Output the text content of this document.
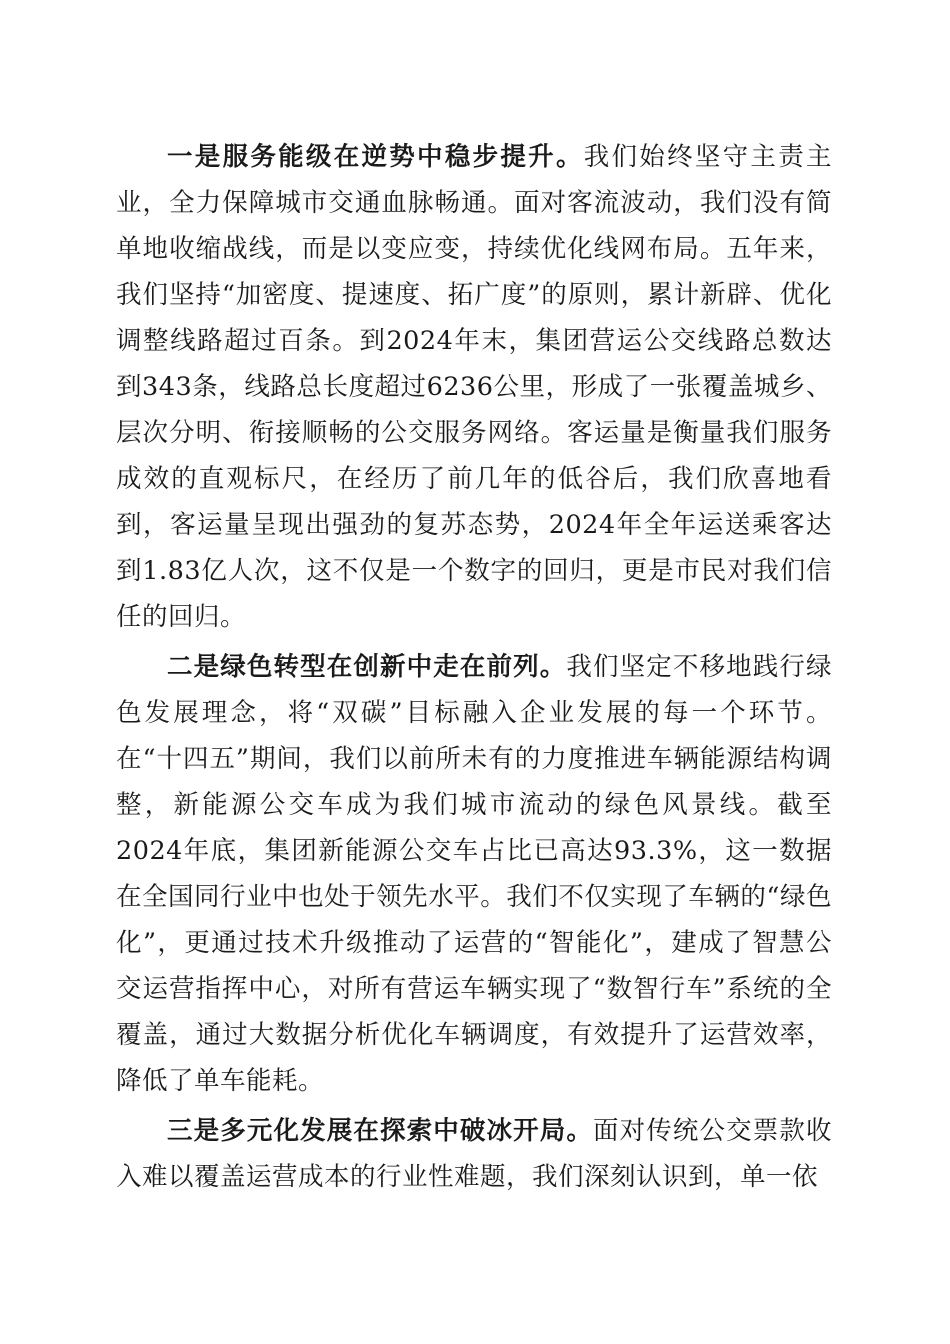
一是服务能级在逆势中稳步提升。我们始终坚守主责主业，全力保障城市交通血脉畅通。面对客流波动，我们没有简单地收缩战线，而是以变应变，持续优化线网布局。五年来，我们坚持“加密度、提速度、拓广度”的原则，累计新辟、优化调整线路超过百条。到2024年末，集团营运公交线路总数达到343条，线路总长度超过6236公里，形成了一张覆盖城乡、层次分明、衔接顺畅的公交服务网络。客运量是衡量我们服务成效的直观标尺，在经历了前几年的低谷后，我们欣喜地看到，客运量呈现出强劲的复苏态势，2024年全年运送乘客达到1.83亿人次，这不仅是一个数字的回归，更是市民对我们信任的回归。

二是绿色转型在创新中走在前列。我们坚定不移地践行绿色发展理念，将“双碳”目标融入企业发展的每一个环节。在“十四五”期间，我们以前所未有的力度推进车辆能源结构调整，新能源公交车成为我们城市流动的绿色风景线。截至2024年底，集团新能源公交车占比已高达93.3%，这一数据在全国同行业中也处于领先水平。我们不仅实现了车辆的“绿色化”，更通过技术升级推动了运营的“智能化”，建成了智慧公交运营指挥中心，对所有营运车辆实现了“数智行车”系统的全覆盖，通过大数据分析优化车辆调度，有效提升了运营效率，降低了单车能耗。

三是多元化发展在探索中破冰开局。面对传统公交票款收入难以覆盖运营成本的行业性难题，我们深刻认识到，单一依
